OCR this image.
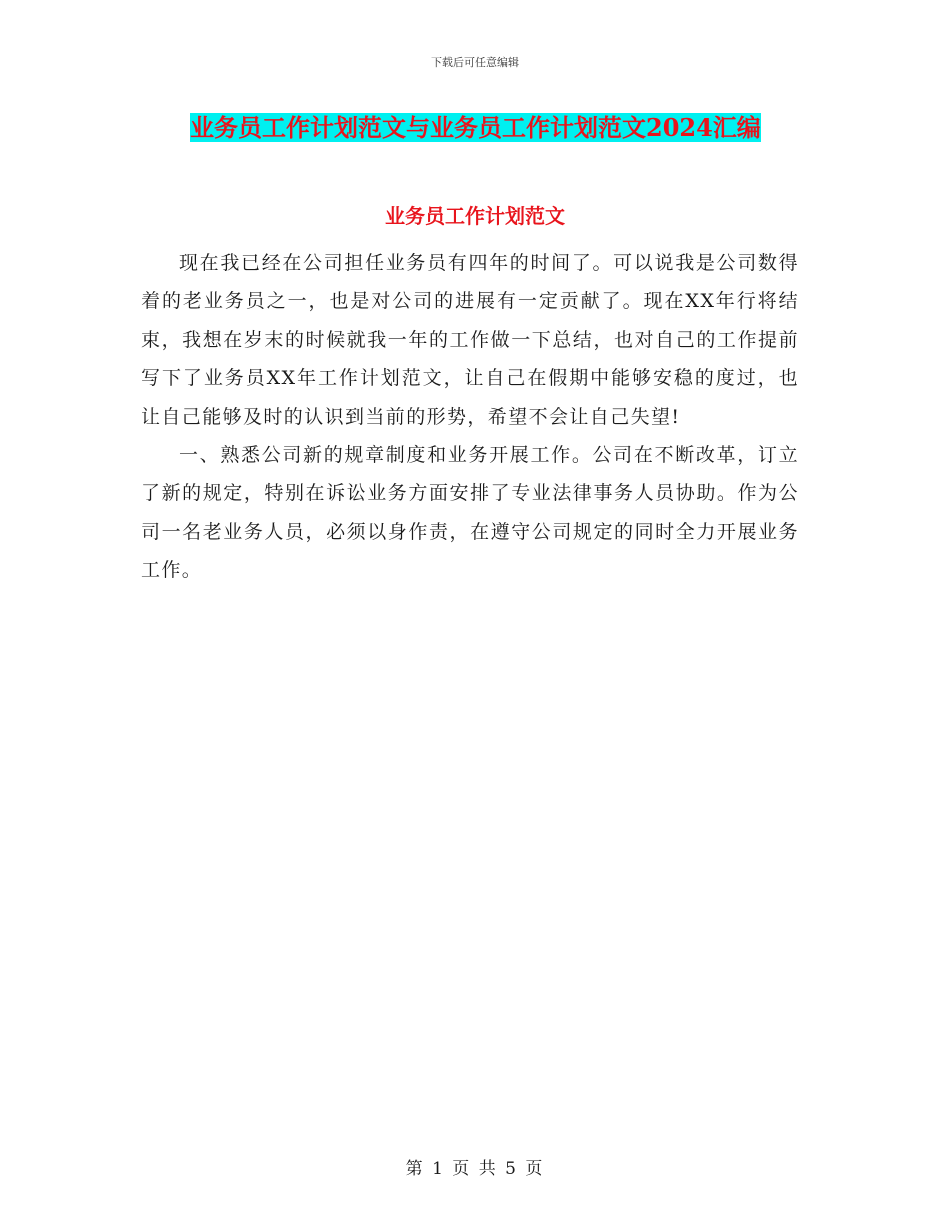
下载后可任意编辑
业务员工作计划范文与业务员工作计划范文2024汇编
业务员工作计划范文

现在我已经在公司担任业务员有四年的时间了。可以说我是公司数得着的老业务员之一，也是对公司的进展有一定贡献了。现在XX年行将结束，我想在岁末的时候就我一年的工作做一下总结，也对自己的工作提前写下了业务员XX年工作计划范文，让自己在假期中能够安稳的度过，也让自己能够及时的认识到当前的形势，希望不会让自己失望!

一、熟悉公司新的规章制度和业务开展工作。公司在不断改革，订立了新的规定，特别在诉讼业务方面安排了专业法律事务人员协助。作为公司一名老业务人员，必须以身作责，在遵守公司规定的同时全力开展业务工作。

第 1 页 共 5 页
